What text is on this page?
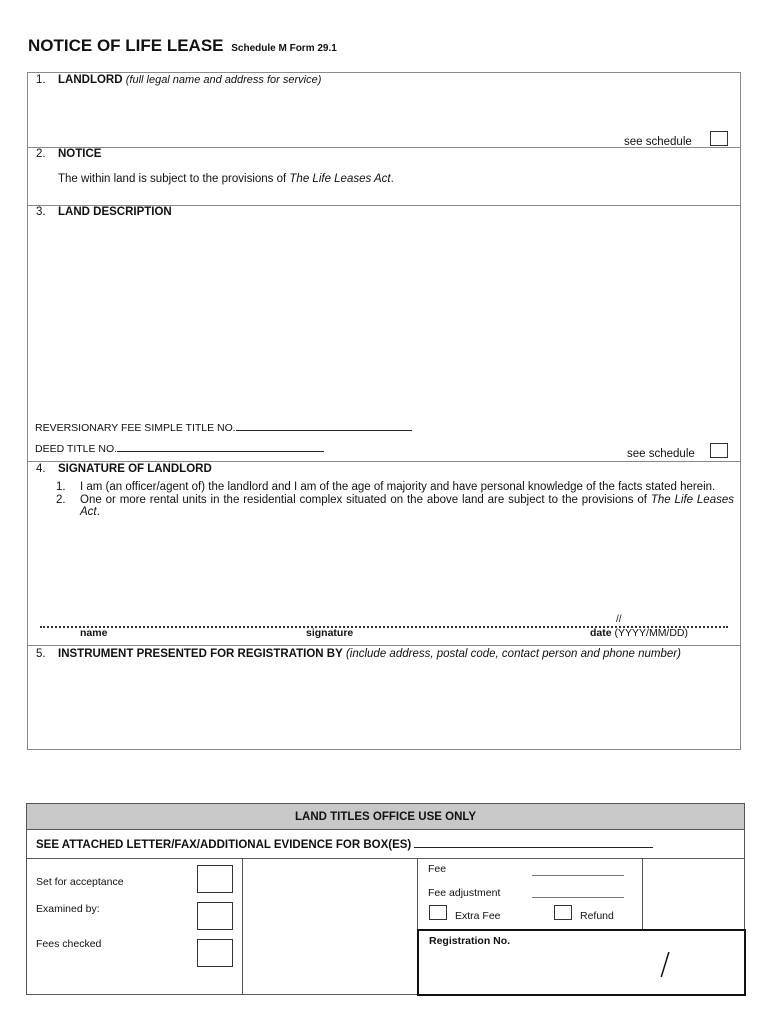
NOTICE OF LIFE LEASE Schedule M Form 29.1
1. LANDLORD (full legal name and address for service)
see schedule
2. NOTICE
The within land is subject to the provisions of The Life Leases Act.
3. LAND DESCRIPTION
REVERSIONARY FEE SIMPLE TITLE NO.
DEED TITLE NO.	see schedule
4. SIGNATURE OF LANDLORD
1.	I am (an officer/agent of) the landlord and I am of the age of majority and have personal knowledge of the facts stated herein.
2.	One or more rental units in the residential complex situated on the above land are subject to the provisions of The Life Leases Act.
//
name	signature	date (YYYY/MM/DD)
5. INSTRUMENT PRESENTED FOR REGISTRATION BY (include address, postal code, contact person and phone number)
LAND TITLES OFFICE USE ONLY
SEE ATTACHED LETTER/FAX/ADDITIONAL EVIDENCE FOR BOX(ES)
Set for acceptance
Examined by:
Fees checked
Fee
Fee adjustment
Extra Fee	Refund
Registration No.
/
